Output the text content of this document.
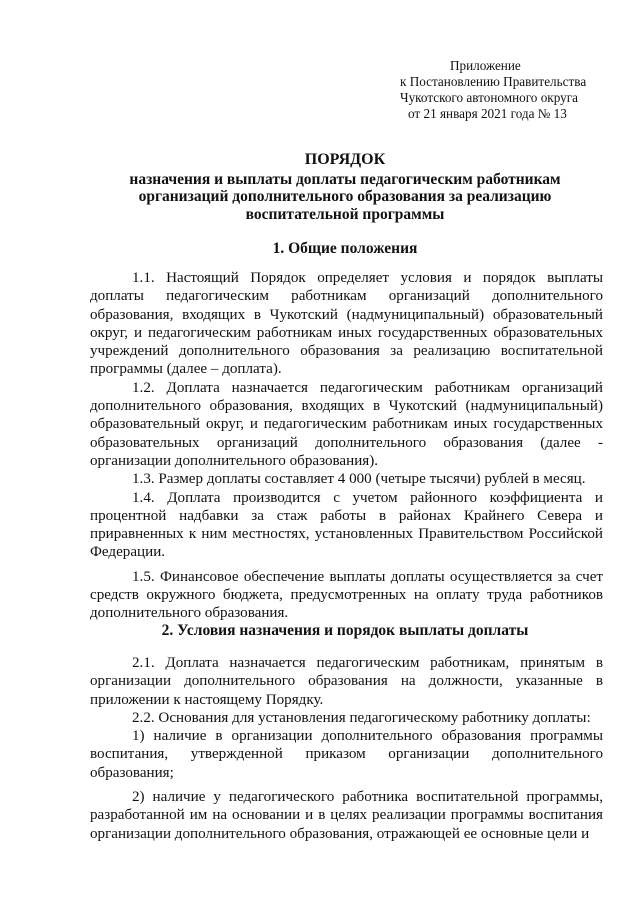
Приложение
к Постановлению Правительства
Чукотского автономного округа
от 21 января 2021 года № 13
ПОРЯДОК
назначения и выплаты доплаты педагогическим работникам
организаций дополнительного образования за реализацию
воспитательной программы
1. Общие положения

1.1. Настоящий Порядок определяет условия и порядок выплаты доплаты педагогическим работникам организаций дополнительного образования, входящих в Чукотский (надмуниципальный) образовательный округ, и педагогическим работникам иных государственных образовательных учреждений дополнительного образования за реализацию воспитательной программы (далее – доплата).

1.2. Доплата назначается педагогическим работникам организаций дополнительного образования, входящих в Чукотский (надмуниципальный) образовательный округ, и педагогическим работникам иных государственных образовательных организаций дополнительного образования (далее - организации дополнительного образования).

1.3. Размер доплаты составляет 4 000 (четыре тысячи) рублей в месяц.

1.4. Доплата производится с учетом районного коэффициента и процентной надбавки за стаж работы в районах Крайнего Севера и приравненных к ним местностях, установленных Правительством Российской Федерации.

1.5. Финансовое обеспечение выплаты доплаты осуществляется за счет средств окружного бюджета, предусмотренных на оплату труда работников дополнительного образования.

2. Условия назначения и порядок выплаты доплаты

2.1. Доплата назначается педагогическим работникам, принятым в организации дополнительного образования на должности, указанные в приложении к настоящему Порядку.

2.2. Основания для установления педагогическому работнику доплаты:

1) наличие в организации дополнительного образования программы воспитания, утвержденной приказом организации дополнительного образования;

2) наличие у педагогического работника воспитательной программы, разработанной им на основании и в целях реализации программы воспитания организации дополнительного образования, отражающей ее основные цели и
